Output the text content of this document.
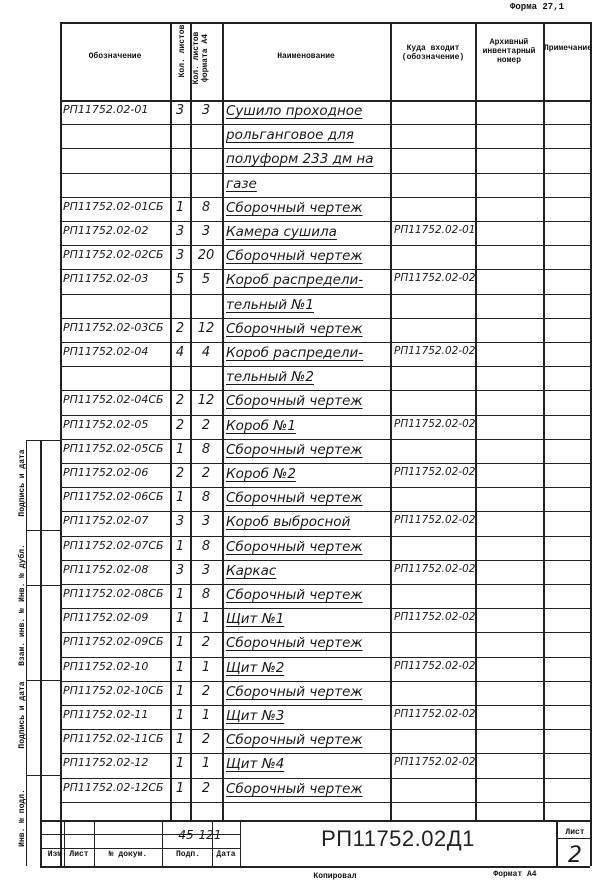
Форма 27,1
Обозначение	Кол. листов Кол. листов формата А4	Наименование
Куда входит (обозначение)
Архивный инвентарный номер
Примечание
РП11752.02-01	3	3	Сушило проходное
рольганговое для
полуформ 233 дм на
газе
РП11752.02-01СБ 1	8	Сборочный чертеж
РП11752.02-02	3	3	Камера сушила	РП11752.02-01
РП11752.02-02СБ 3	20 Сборочный чертеж
РП11752.02-03	5	5	Короб распредели-	РП11752.02-02
тельный №1
РП11752.02-03СБ 2	12 Сборочный чертеж
РП11752.02-04	4	4	Короб распредели-	РП11752.02-02
тельный №2
РП11752.02-04СБ 2	12 Сборочный чертеж
РП11752.02-05	2	2	Короб №1	РП11752.02-02
РП11752.02-05СБ 1	8	Сборочный чертеж
РП11752.02-06	2	2	Короб №2	РП11752.02-02
РП11752.02-06СБ 1	8	Сборочный чертеж
РП11752.02-07	3	3	Короб выбросной	РП11752.02-02
РП11752.02-07СБ 1	8	Сборочный чертеж
РП11752.02-08	3	3	Каркас	РП11752.02-02
РП11752.02-08СБ 1	8	Сборочный чертеж
РП11752.02-09	1	1	Щит №1	РП11752.02-02
РП11752.02-09СБ 1	2	Сборочный чертеж
РП11752.02-10	1	1	Щит №2	РП11752.02-02
РП11752.02-10СБ 1	2	Сборочный чертеж
РП11752.02-11	1	1	Щит №3	РП11752.02-02
РП11752.02-11СБ 1	2	Сборочный чертеж
РП11752.02-12	1	1	Щит №4	РП11752.02-02
РП11752.02-12СБ 1	2	Сборочный чертеж
45 121
Инв. № подл.
Подпись и дата
Взам. инв. №
Инв. № дубл.
Подпись и дата
Изм Лист	№ докум.	Подп.	Дата
РП11752.02Д1	Лист
2
Копировал	Формат А4
